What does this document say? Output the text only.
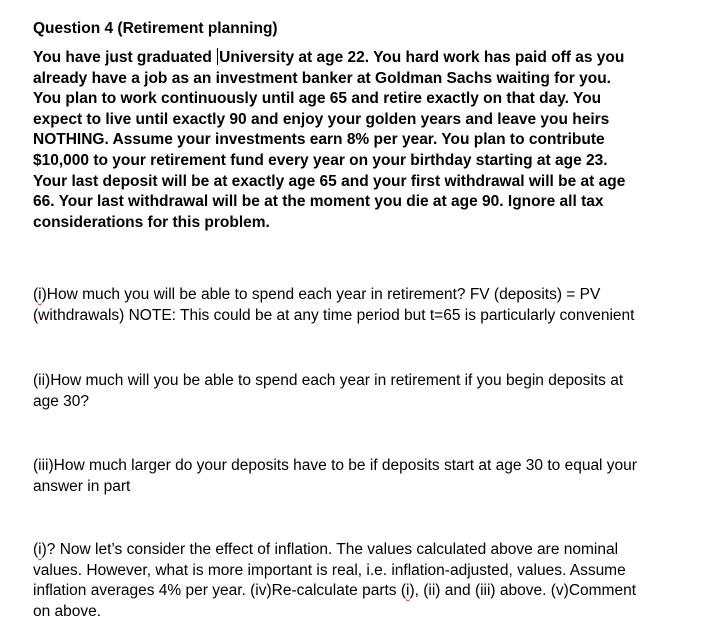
Question 4 (Retirement planning)

You have just graduated University at age 22. You hard work has paid off as you
already have a job as an investment banker at Goldman Sachs waiting for you.
You plan to work continuously until age 65 and retire exactly on that day. You
expect to live until exactly 90 and enjoy your golden years and leave you heirs
NOTHING. Assume your investments earn 8% per year. You plan to contribute
$10,000 to your retirement fund every year on your birthday starting at age 23.
Your last deposit will be at exactly age 65 and your first withdrawal will be at age
66. Your last withdrawal will be at the moment you die at age 90. Ignore all tax
considerations for this problem.
(i)How much you will be able to spend each year in retirement? FV (deposits) = PV
(withdrawals) NOTE: This could be at any time period but t=65 is particularly convenient
(ii)How much will you be able to spend each year in retirement if you begin deposits at
age 30?
(iii)How much larger do your deposits have to be if deposits start at age 30 to equal your
answer in part
(i)? Now let’s consider the effect of inflation. The values calculated above are nominal
values. However, what is more important is real, i.e. inflation-adjusted, values. Assume
inflation averages 4% per year. (iv)Re-calculate parts (i), (ii) and (iii) above. (v)Comment
on above.
